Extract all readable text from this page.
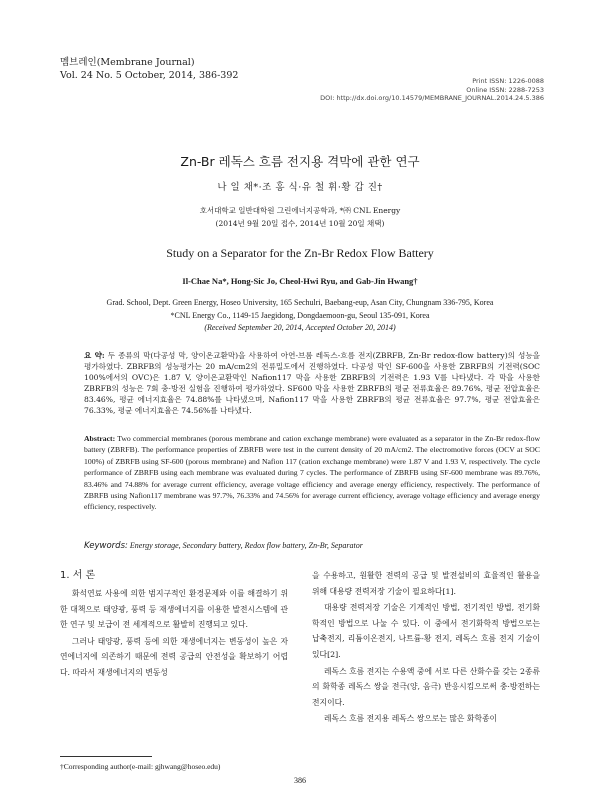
멤브레인(Membrane Journal)
Vol. 24 No. 5 October, 2014, 386-392	Print ISSN: 1226-0088
Online ISSN: 2288-7253
DOI: http://dx.doi.org/10.14579/MEMBRANE_JOURNAL.2014.24.5.386
Zn-Br 레독스 흐름 전지용 격막에 관한 연구
나 일 채*·조 홍 식·유 철 휘·황 갑 진†
호서대학교 일반대학원 그린에너지공학과, *㈜ CNL Energy
(2014년 9월 20일 접수, 2014년 10월 20일 채택)
Study on a Separator for the Zn-Br Redox Flow Battery
Il-Chae Na*, Hong-Sic Jo, Cheol-Hwi Ryu, and Gab-Jin Hwang†
Grad. School, Dept. Green Energy, Hoseo University, 165 Sechulri, Baebang-eup, Asan City, Chungnam 336-795, Korea
*CNL Energy Co., 1149-15 Jaegidong, Dongdaemoon-gu, Seoul 135-091, Korea
(Received September 20, 2014, Accepted October 20, 2014)
요 약: 두 종류의 막(다공성 막, 양이온교환막)을 사용하여 아연-브롬 레독스-흐름 전지(ZBRFB, Zn-Br redox-flow battery)의 성능을 평가하였다. ZBRFB의 성능평가는 20 mA/cm2의 전류밀도에서 진행하였다. 다공성 막인 SF-600을 사용한 ZBRFB의 기전력(SOC 100%에서의 OVC)은 1.87 V, 양이온교환막인 Nafion117 막을 사용한 ZBRFB의 기전력은 1.93 V를 나타냈다. 각 막을 사용한 ZBRFB의 성능은 7회 충·방전 실험을 진행하여 평가하였다. SF600 막을 사용한 ZBRFB의 평균 전류효율은 89.76%, 평균 전압효율은 83.46%, 평균 에너지효율은 74.88%를 나타냈으며, Nafion117 막을 사용한 ZBRFB의 평균 전류효율은 97.7%, 평균 전압효율은 76.33%, 평균 에너지효율은 74.56%를 나타냈다.
Abstract: Two commercial membranes (porous membrane and cation exchange membrane) were evaluated as a separator in the Zn-Br redox-flow battery (ZBRFB). The performance properties of ZBRFB were test in the current density of 20 mA/cm2. The electromotive forces (OCV at SOC 100%) of ZBRFB using SF-600 (porous membrane) and Nafion 117 (cation exchange membrane) were 1.87 V and 1.93 V, respectively. The cycle performance of ZBRFB using each membrane was evaluated during 7 cycles. The performance of ZBRFB using SF-600 membrane was 89.76%, 83.46% and 74.88% for average current efficiency, average voltage efficiency and average energy efficiency, respectively. The performance of ZBRFB using Nafion117 membrane was 97.7%, 76.33% and 74.56% for average current efficiency, average voltage efficiency and average energy efficiency, respectively.
Keywords: Energy storage, Secondary battery, Redox flow battery, Zn-Br, Separator
1. 서 론

화석연료 사용에 의한 범지구적인 환경문제와 이를 해결하기 위한 대책으로 태양광, 풍력 등 재생에너지를 이용한 발전시스템에 관한 연구 및 보급이 전 세계적으로 활발히 진행되고 있다.

그러나 태양광, 풍력 등에 의한 재생에너지는 변동성이 높은 자연에너지에 의존하기 때문에 전력 공급의 안전성을 확보하기 어렵다. 따라서 재생에너지의 변동성

을 수용하고, 원활한 전력의 공급 및 발전설비의 효율적인 활용을 위해 대용량 전력저장 기술이 필요하다[1].

대용량 전력저장 기술은 기계적인 방법, 전기적인 방법, 전기화학적인 방법으로 나눌 수 있다. 이 중에서 전기화학적 방법으로는 납축전지, 리튬이온전지, 나트륨-황 전지, 레독스 흐름 전지 기술이 있다[2].

레독스 흐름 전지는 수용액 중에 서로 다른 산화수를 갖는 2종류의 화학종 레독스 쌍을 전극(양, 음극) 반응시킴으로써 충·방전하는 전지이다.

레독스 흐름 전지용 레독스 쌍으로는 많은 화학종이

†Corresponding author(e-mail: gjhwang@hoseo.edu)
386
